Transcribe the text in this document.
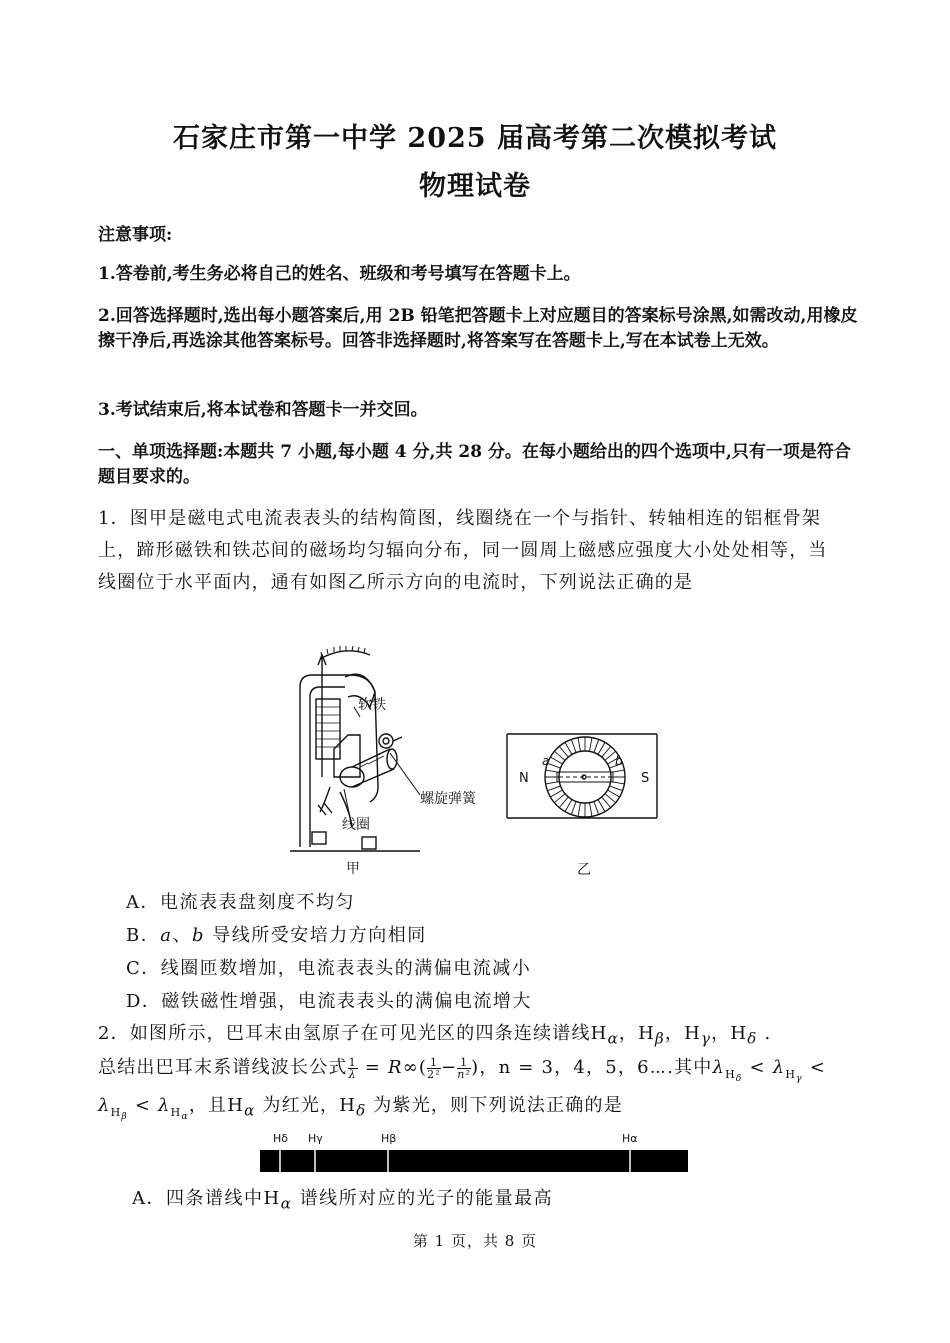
石家庄市第一中学 2025 届高考第二次模拟考试
物理试卷
注意事项:
1.答卷前,考生务必将自己的姓名、班级和考号填写在答题卡上。
2.回答选择题时,选出每小题答案后,用 2B 铅笔把答题卡上对应题目的答案标号涂黑,如需改动,用橡皮擦干净后,再选涂其他答案标号。回答非选择题时,将答案写在答题卡上,写在本试卷上无效。
3.考试结束后,将本试卷和答题卡一并交回。
一、单项选择题:本题共 7 小题,每小题 4 分,共 28 分。在每小题给出的四个选项中,只有一项是符合题目要求的。
1．图甲是磁电式电流表表头的结构简图，线圈绕在一个与指针、转轴相连的铝框骨架上，蹄形磁铁和铁芯间的磁场均匀辐向分布，同一圆周上磁感应强度大小处处相等，当线圈位于水平面内，通有如图乙所示方向的电流时，下列说法正确的是
软铁
螺旋弹簧
线圈
甲
N	S
a	b
乙
A．电流表表盘刻度不均匀
B．a、b 导线所受安培力方向相同
C．线圈匝数增加，电流表表头的满偏电流减小
D．磁铁磁性增强，电流表表头的满偏电流增大
2．如图所示，巴耳末由氢原子在可见光区的四条连续谱线$H_\alpha$，$H_\beta$，$H_\gamma$，$H_\delta$ .
总结出巴耳末系谱线波长公式 $\frac{1}{\lambda} = R\infty( \frac{1}{\text{2²}} - \frac{1}{\text{n²}}$ )，n = 3，4，5，6⋯.其中$\lambda_{H_\delta} < \lambda_{H_\gamma}$ <
$\lambda_{H_\beta} < \lambda_{H_\alpha}$，且$H_\alpha$ 为红光，$H_\delta$ 为紫光，则下列说法正确的是
Hδ Hγ	Hβ	Hα
A．四条谱线中$H_\alpha$ 谱线所对应的光子的能量最高
第 1 页，共 8 页
